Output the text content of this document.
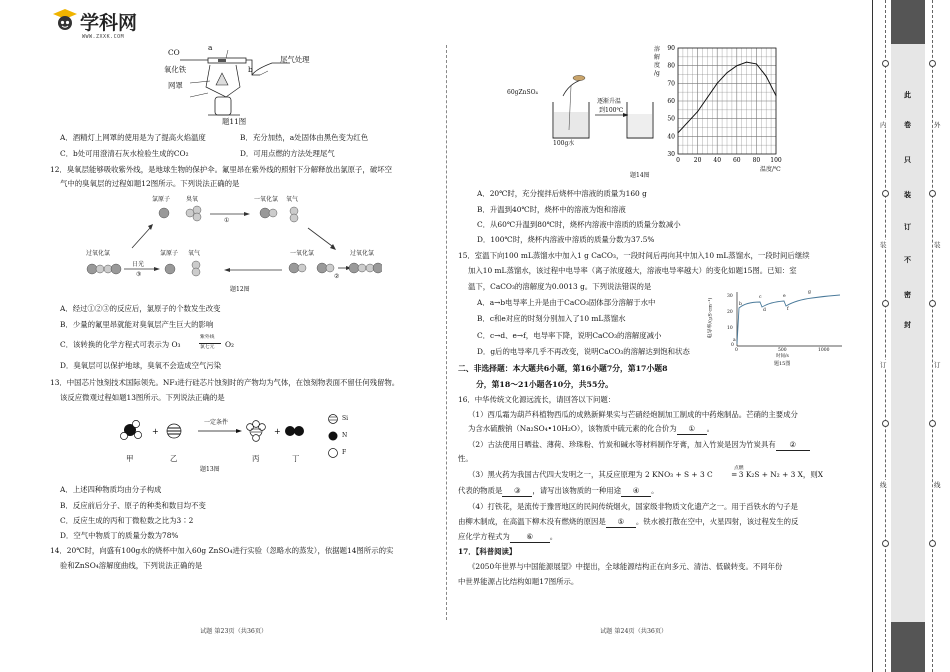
学科网
WWW.ZXXK.COM
CO
a
氧化铁	b
网罩
尾气处理
题11图
A．酒精灯上网罩的使用是为了提高火焰温度	B．充分加热，a处固体由黑色变为红色
C．b处可用澄清石灰水检验生成的CO₂	D．可用点燃的方法处理尾气
12．臭氧层能够吸收紫外线，是地球生物的保护伞。氟里昂在紫外线的照射下分解释放出氯原子，破坏空
气中的臭氧层的过程如题12图所示。下列说法正确的是
氯原子	臭氧	一氧化氯 氧气
①
过氧化氯	氯原子 氧气
日光
③
一氧化氯	过氧化氯
②
题12图
A．经过①②③的反应后，氯原子的个数发生改变
B．少量的氟里昂就能对臭氧层产生巨大的影响
C．该转换的化学方程式可表示为 O₃
紫外线
氯七元 O₂
D．臭氧层可以保护地球，臭氧不会造成空气污染
13．中国芯片蚀刻技术国际领先。NF₃进行硅芯片蚀刻时的产物均为气体，在蚀刻物表面不留任何残留物。
该反应微观过程如题13图所示。下列说法正确的是
+	+
一定条件
甲	乙	丙	丁
Si
N
F
题13图
A．上述四种物质均由分子构成
B．反应前后分子、原子的种类和数目均不变
C．反应生成的丙和丁微粒数之比为3∶2
D．空气中物质丁的质量分数为78%
14．20℃时，向盛有100g水的烧杯中加入60g ZnSO₄进行实验（忽略水的蒸发），依据题14图所示的实
验和ZnSO₄溶解度曲线，下列说法正确的是
试题 第23页（共36页）
60gZnSO₄
100g水
逐渐升温
到100℃
30
40
50
60
70
80
90
0 20 40 60 80 100
溶
解
度
/g
温度/℃
题14图
A．20℃时，充分搅拌后烧杯中溶液的质量为160 g
B．升温到40℃时，烧杯中的溶液为饱和溶液
C．从60℃升温到80℃时，烧杯内溶液中溶质的质量分数减小
D．100℃时，烧杯内溶液中溶质的质量分数为37.5%
15．室温下向100 mL蒸馏水中加入1 g CaCO₃，一段时间后再向其中加入10 mL蒸馏水，一段时间后继续
加入10 mL蒸馏水，该过程中电导率（离子浓度越大，溶液电导率越大）的变化如题15图。已知：室
温下，CaCO₃的溶解度为0.0013 g。下列说法错误的是
A．a→b电导率上升是由于CaCO₃固体部分溶解于水中
B．c和e对应的时刻分别加入了10 mL蒸馏水
C．c→d、e→f，电导率下降，说明CaCO₃的溶解度减小
D．g后的电导率几乎不再改变，说明CaCO₃的溶解达到饱和状态
电导率/(μS·cm⁻¹)
30
20
10
0
0	500	1000
a
b
c
d
e
f
g
时间/s
题15图
二、非选择题：本大题共6小题，第16小题7分，第17小题8
分，第18～21小题各10分，共55分。
16．中华传统文化源远流长，请回答以下问题：
（1）西瓜霜为葫芦科植物西瓜的成熟新鲜果实与芒硝经炮制加工制成的中药炮制品。芒硝的主要成分
为含水硫酸钠（Na₂SO₄•10H₂O），该物质中硫元素的化合价为 ① 。
（2）古法使用日晒盐、薄荷、珍珠粉、竹炭和碱水等材料制作牙膏，加入竹炭是因为竹炭具有 ②
性。
（3）黑火药为我国古代四大发明之一，其反应原理为 2 KNO₃ + S + 3 C
点燃
═ 3 K₂S + N₂ + 3 X，则X
代表的物质是 ③ ，请写出该物质的一种用途 ④ 。
（4）打铁花，是流传于豫晋地区的民间传统烟火，国家级非物质文化遗产之一。用于舀铁水的勺子是
由柳木制成，在高温下柳木没有燃烧的原因是 ⑤ 。铁水被打散在空中，火星四射，该过程发生的反
应化学方程式为 ⑥ 。
17．【科普阅读】
《2050年世界与中国能源展望》中提出，全球能源结构正在向多元、清洁、低碳转变。不同年份
中世界能源占比结构如题17图所示。
试题 第24页（共36页）
此
卷
只
装
订
不
密
封
内
装
订
线
外
装
订
线
